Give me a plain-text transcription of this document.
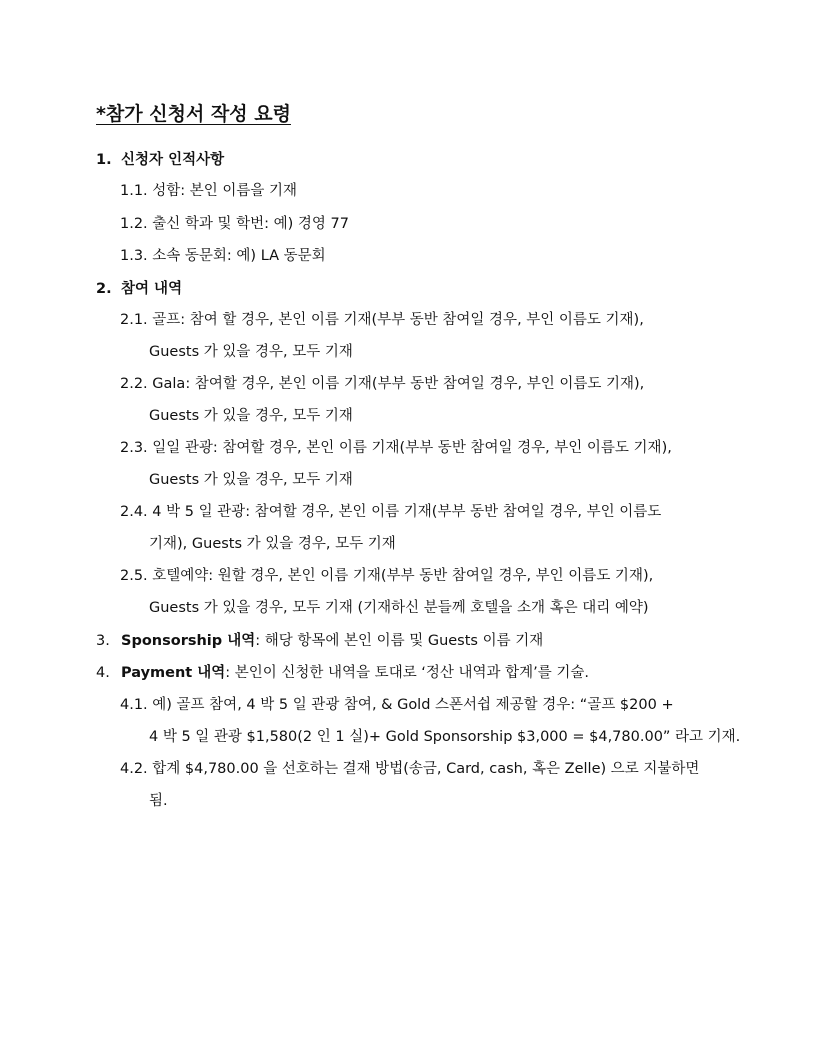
*참가 신청서 작성 요령
1. 신청자 인적사항
1.1. 성함: 본인 이름을 기재
1.2. 출신 학과 및 학번: 예) 경영 77
1.3. 소속 동문회: 예) LA 동문회
2. 참여 내역
2.1. 골프: 참여 할 경우, 본인 이름 기재(부부 동반 참여일 경우, 부인 이름도 기재),
Guests 가 있을 경우, 모두 기재
2.2. Gala: 참여할 경우, 본인 이름 기재(부부 동반 참여일 경우, 부인 이름도 기재),
Guests 가 있을 경우, 모두 기재
2.3. 일일 관광: 참여할 경우, 본인 이름 기재(부부 동반 참여일 경우, 부인 이름도 기재),
Guests 가 있을 경우, 모두 기재
2.4. 4 박 5 일 관광: 참여할 경우, 본인 이름 기재(부부 동반 참여일 경우, 부인 이름도
기재), Guests 가 있을 경우, 모두 기재
2.5. 호텔예약: 원할 경우, 본인 이름 기재(부부 동반 참여일 경우, 부인 이름도 기재),
Guests 가 있을 경우, 모두 기재 (기재하신 분들께 호텔을 소개 혹은 대리 예약)
3. Sponsorship 내역: 해당 항목에 본인 이름 및 Guests 이름 기재
4. Payment 내역: 본인이 신청한 내역을 토대로 ‘정산 내역과 합계’를 기술.
4.1. 예) 골프 참여, 4 박 5 일 관광 참여, & Gold 스폰서쉽 제공할 경우: “골프 $200 +
4 박 5 일 관광 $1,580(2 인 1 실)+ Gold Sponsorship $3,000 = $4,780.00” 라고 기재.
4.2. 합계 $4,780.00 을 선호하는 결재 방법(송금, Card, cash, 혹은 Zelle) 으로 지불하면
됨.
